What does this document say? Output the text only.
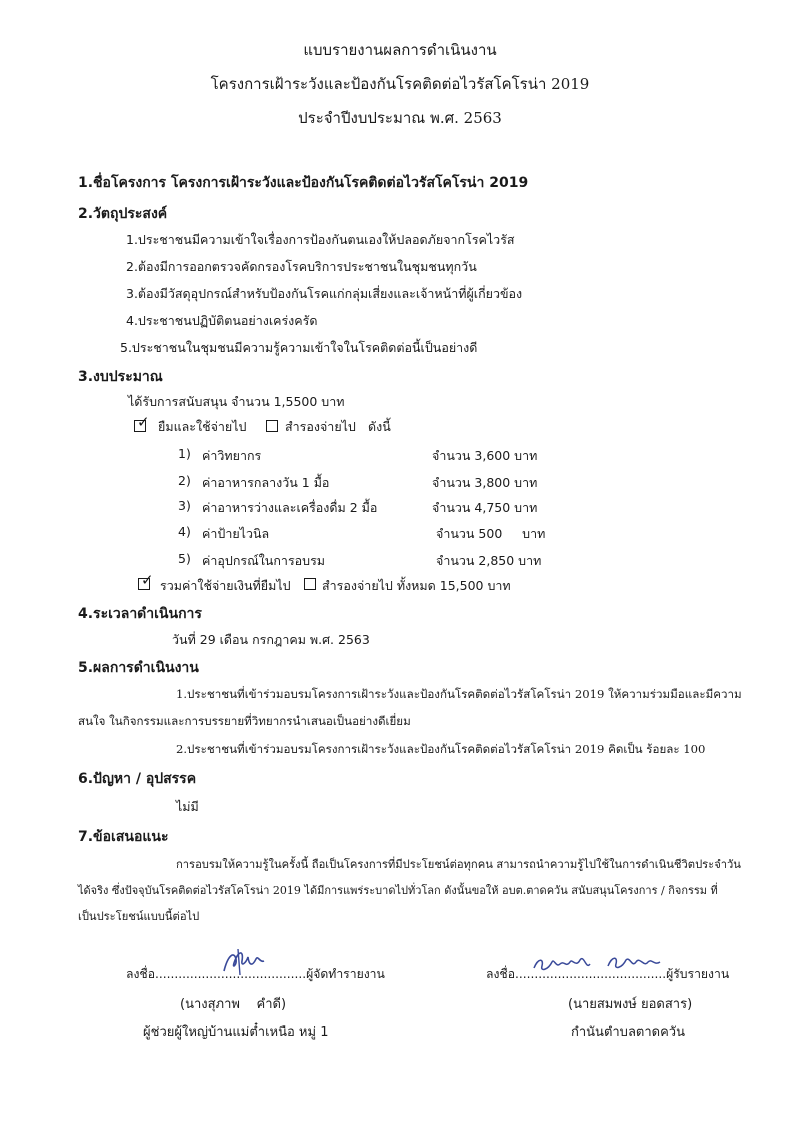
แบบรายงานผลการดำเนินงาน
โครงการเฝ้าระวังและป้องกันโรคติดต่อไวรัสโคโรน่า 2019
ประจำปีงบประมาณ พ.ศ. 2563
1.ชื่อโครงการ โครงการเฝ้าระวังและป้องกันโรคติดต่อไวรัสโคโรน่า 2019
2.วัตถุประสงค์
1.ประชาชนมีความเข้าใจเรื่องการป้องกันตนเองให้ปลอดภัยจากโรคไวรัส
2.ต้องมีการออกตรวจคัดกรองโรคบริการประชาชนในชุมชนทุกวัน
3.ต้องมีวัสดุอุปกรณ์สำหรับป้องกันโรคแก่กลุ่มเสี่ยงและเจ้าหน้าที่ผู้เกี่ยวข้อง
4.ประชาชนปฏิบัติตนอย่างเคร่งครัด
5.ประชาชนในชุมชนมีความรู้ความเข้าใจในโรคติดต่อนี้เป็นอย่างดี
3.งบประมาณ
ได้รับการสนับสนุน จำนวน 1,5500 บาท
✓ ยืมและใช้จ่ายไป	สำรองจ่ายไป ดังนี้
1) ค่าวิทยากร	จำนวน 3,600 บาท
2) ค่าอาหารกลางวัน 1 มื้อ	จำนวน 3,800 บาท
3) ค่าอาหารว่างและเครื่องดื่ม 2 มื้อ	จำนวน 4,750 บาท
4) ค่าป้ายไวนิล	จำนวน 500     บาท
5) ค่าอุปกรณ์ในการอบรม	จำนวน 2,850 บาท
✓ รวมค่าใช้จ่ายเงินที่ยืมไป	สำรองจ่ายไป ทั้งหมด 15,500 บาท
4.ระเวลาดำเนินการ
วันที่ 29 เดือน กรกฎาคม พ.ศ. 2563
5.ผลการดำเนินงาน
1.ประชาชนที่เข้าร่วมอบรมโครงการเฝ้าระวังและป้องกันโรคติดต่อไวรัสโคโรน่า 2019 ให้ความร่วมมือและมีความ
สนใจ ในกิจกรรมและการบรรยายที่วิทยากรนำเสนอเป็นอย่างดีเยี่ยม
2.ประชาชนที่เข้าร่วมอบรมโครงการเฝ้าระวังและป้องกันโรคติดต่อไวรัสโคโรน่า 2019 คิดเป็น ร้อยละ 100
6.ปัญหา / อุปสรรค
ไม่มี
7.ข้อเสนอแนะ
การอบรมให้ความรู้ในครั้งนี้ ถือเป็นโครงการที่มีประโยชน์ต่อทุกคน สามารถนำความรู้ไปใช้ในการดำเนินชีวิตประจำวัน
ได้จริง ซึ่งปัจจุบันโรคติดต่อไวรัสโคโรน่า 2019 ได้มีการแพร่ระบาดไปทั่วโลก ดังนั้นขอให้ อบต.ตาดควัน สนับสนุนโครงการ / กิจกรรม ที่
เป็นประโยชน์แบบนี้ต่อไป
ลงชื่อ.......................................ผู้จัดทำรายงาน
(นางสุภาพ    คำดี)
ผู้ช่วยผู้ใหญ่บ้านแม่ต๋ำเหนือ หมู่ 1
ลงชื่อ.......................................ผู้รับรายงาน
(นายสมพงษ์ ยอดสาร)
กำนันตำบลตาดควัน
